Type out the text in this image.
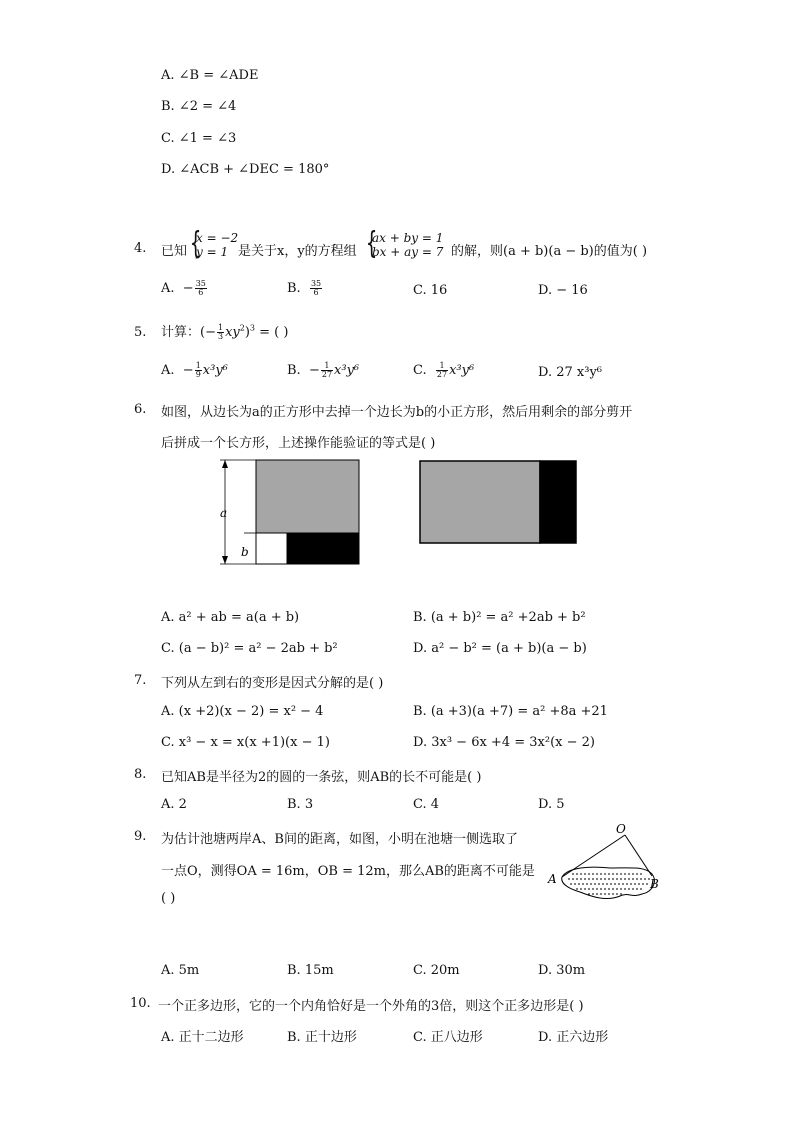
A. ∠B = ∠ADE
B. ∠2 = ∠4
C. ∠1 = ∠3
D. ∠ACB + ∠DEC = 180°
4. 已知 {
x = −2
y = 1 是关于x，y的方程组 {
ax + by = 1
bx + ay = 7 的解，则(a + b)(a − b)的值为( )
A. − $\frac{35}{6}$	B. $\frac{35}{6}$	C. 16	D. − 16
5. 计算：(− $\frac{1}{3} xy^2)^3$ = ( )
A. − $\frac{1}{9} x^3y^6$	B. − $\frac{1}{27} x^3y^6$	C. $\frac{1}{27} x^3y^6$	D. 27 x³y⁶
6. 如图，从边长为a的正方形中去掉一个边长为b的小正方形，然后用剩余的部分剪开
后拼成一个长方形，上述操作能验证的等式是( )
a
b
A. a² + ab = a(a + b)	B. (a + b)² = a² +2ab + b²
C. (a − b)² = a² − 2ab + b²	D. a² − b² = (a + b)(a − b)
7. 下列从左到右的变形是因式分解的是( )
A. (x +2)(x − 2) = x² − 4	B. (a +3)(a +7) = a² +8a +21
C. x³ − x = x(x +1)(x − 1)	D. 3x³ − 6x +4 = 3x²(x − 2)
8. 已知AB是半径为2的圆的一条弦，则AB的长不可能是( )
A. 2	B. 3	C. 4	D. 5
9. 为估计池塘两岸A、B间的距离，如图，小明在池塘一侧选取了
一点O，测得OA = 16m，OB = 12m，那么AB的距离不可能是
( )
O
A	B
A. 5m	B. 15m	C. 20m	D. 30m
10. 一个正多边形，它的一个内角恰好是一个外角的3倍，则这个正多边形是( )
A. 正十二边形	B. 正十边形	C. 正八边形	D. 正六边形
